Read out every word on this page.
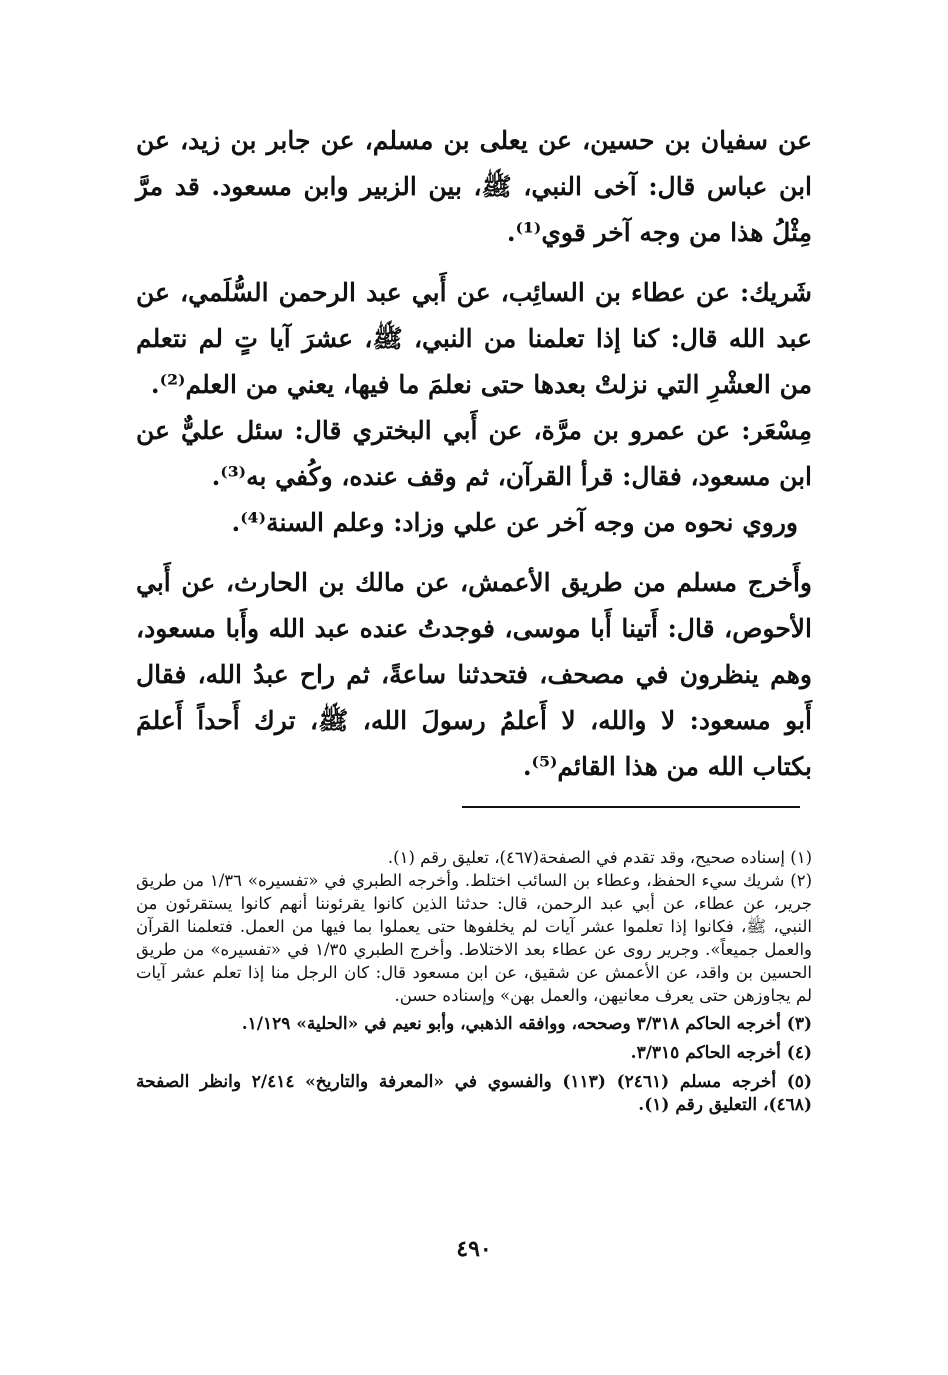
عن سفيان بن حسين، عن يعلى بن مسلم، عن جابر بن زيد، عن ابن عباس قال: آخى النبي، ﷺ، بين الزبير وابن مسعود. قد مرَّ مِثْلُ هذا من وجه آخر قوي⁽¹⁾.

شَريك: عن عطاء بن السائِب، عن أَبي عبد الرحمن السُّلَمي، عن عبد الله قال: كنا إذا تعلمنا من النبي، ﷺ، عشرَ آيا تٍ لم نتعلم من العشْرِ التي نزلتْ بعدها حتى نعلمَ ما فيها، يعني من العلم⁽²⁾.

مِسْعَر: عن عمرو بن مرَّة، عن أَبي البختري قال: سئل عليٌّ عن ابن مسعود، فقال: قرأ القرآن، ثم وقف عنده، وكُفي به⁽³⁾.

وروي نحوه من وجه آخر عن علي وزاد: وعلم السنة⁽⁴⁾.

وأَخرج مسلم من طريق الأعمش، عن مالك بن الحارث، عن أَبي الأحوص، قال: أَتينا أَبا موسى، فوجدتُ عنده عبد الله وأَبا مسعود، وهم ينظرون في مصحف، فتحدثنا ساعةً، ثم راح عبدُ الله، فقال أَبو مسعود: لا والله، لا أَعلمُ رسولَ الله، ﷺ، ترك أَحداً أَعلمَ بكتاب الله من هذا القائم⁽⁵⁾.

(١) إسناده صحيح، وقد تقدم في الصفحة(٤٦٧)، تعليق رقم (١).

(٢) شريك سيء الحفظ، وعطاء بن السائب اختلط. وأخرجه الطبري في «تفسيره» ١/٣٦ من طريق جرير، عن عطاء، عن أبي عبد الرحمن، قال: حدثنا الذين كانوا يقرئوننا أنهم كانوا يستقرئون من النبي، ﷺ، فكانوا إذا تعلموا عشر آيات لم يخلفوها حتى يعملوا بما فيها من العمل. فتعلمنا القرآن والعمل جميعاً». وجرير روى عن عطاء بعد الاختلاط. وأخرج الطبري ١/٣٥ في «تفسيره» من طريق الحسين بن واقد، عن الأعمش عن شقيق، عن ابن مسعود قال: كان الرجل منا إذا تعلم عشر آيات لم يجاوزهن حتى يعرف معانيهن، والعمل بهن» وإسناده حسن.

(٣) أخرجه الحاكم ٣/٣١٨ وصححه، ووافقه الذهبي، وأبو نعيم في «الحلية» ١/١٢٩.

(٤) أخرجه الحاكم ٣/٣١٥.

(٥) أخرجه مسلم (٢٤٦١) (١١٣) والفسوي في «المعرفة والتاريخ» ٢/٤١٤ وانظر الصفحة (٤٦٨)، التعليق رقم (١).

٤٩٠
